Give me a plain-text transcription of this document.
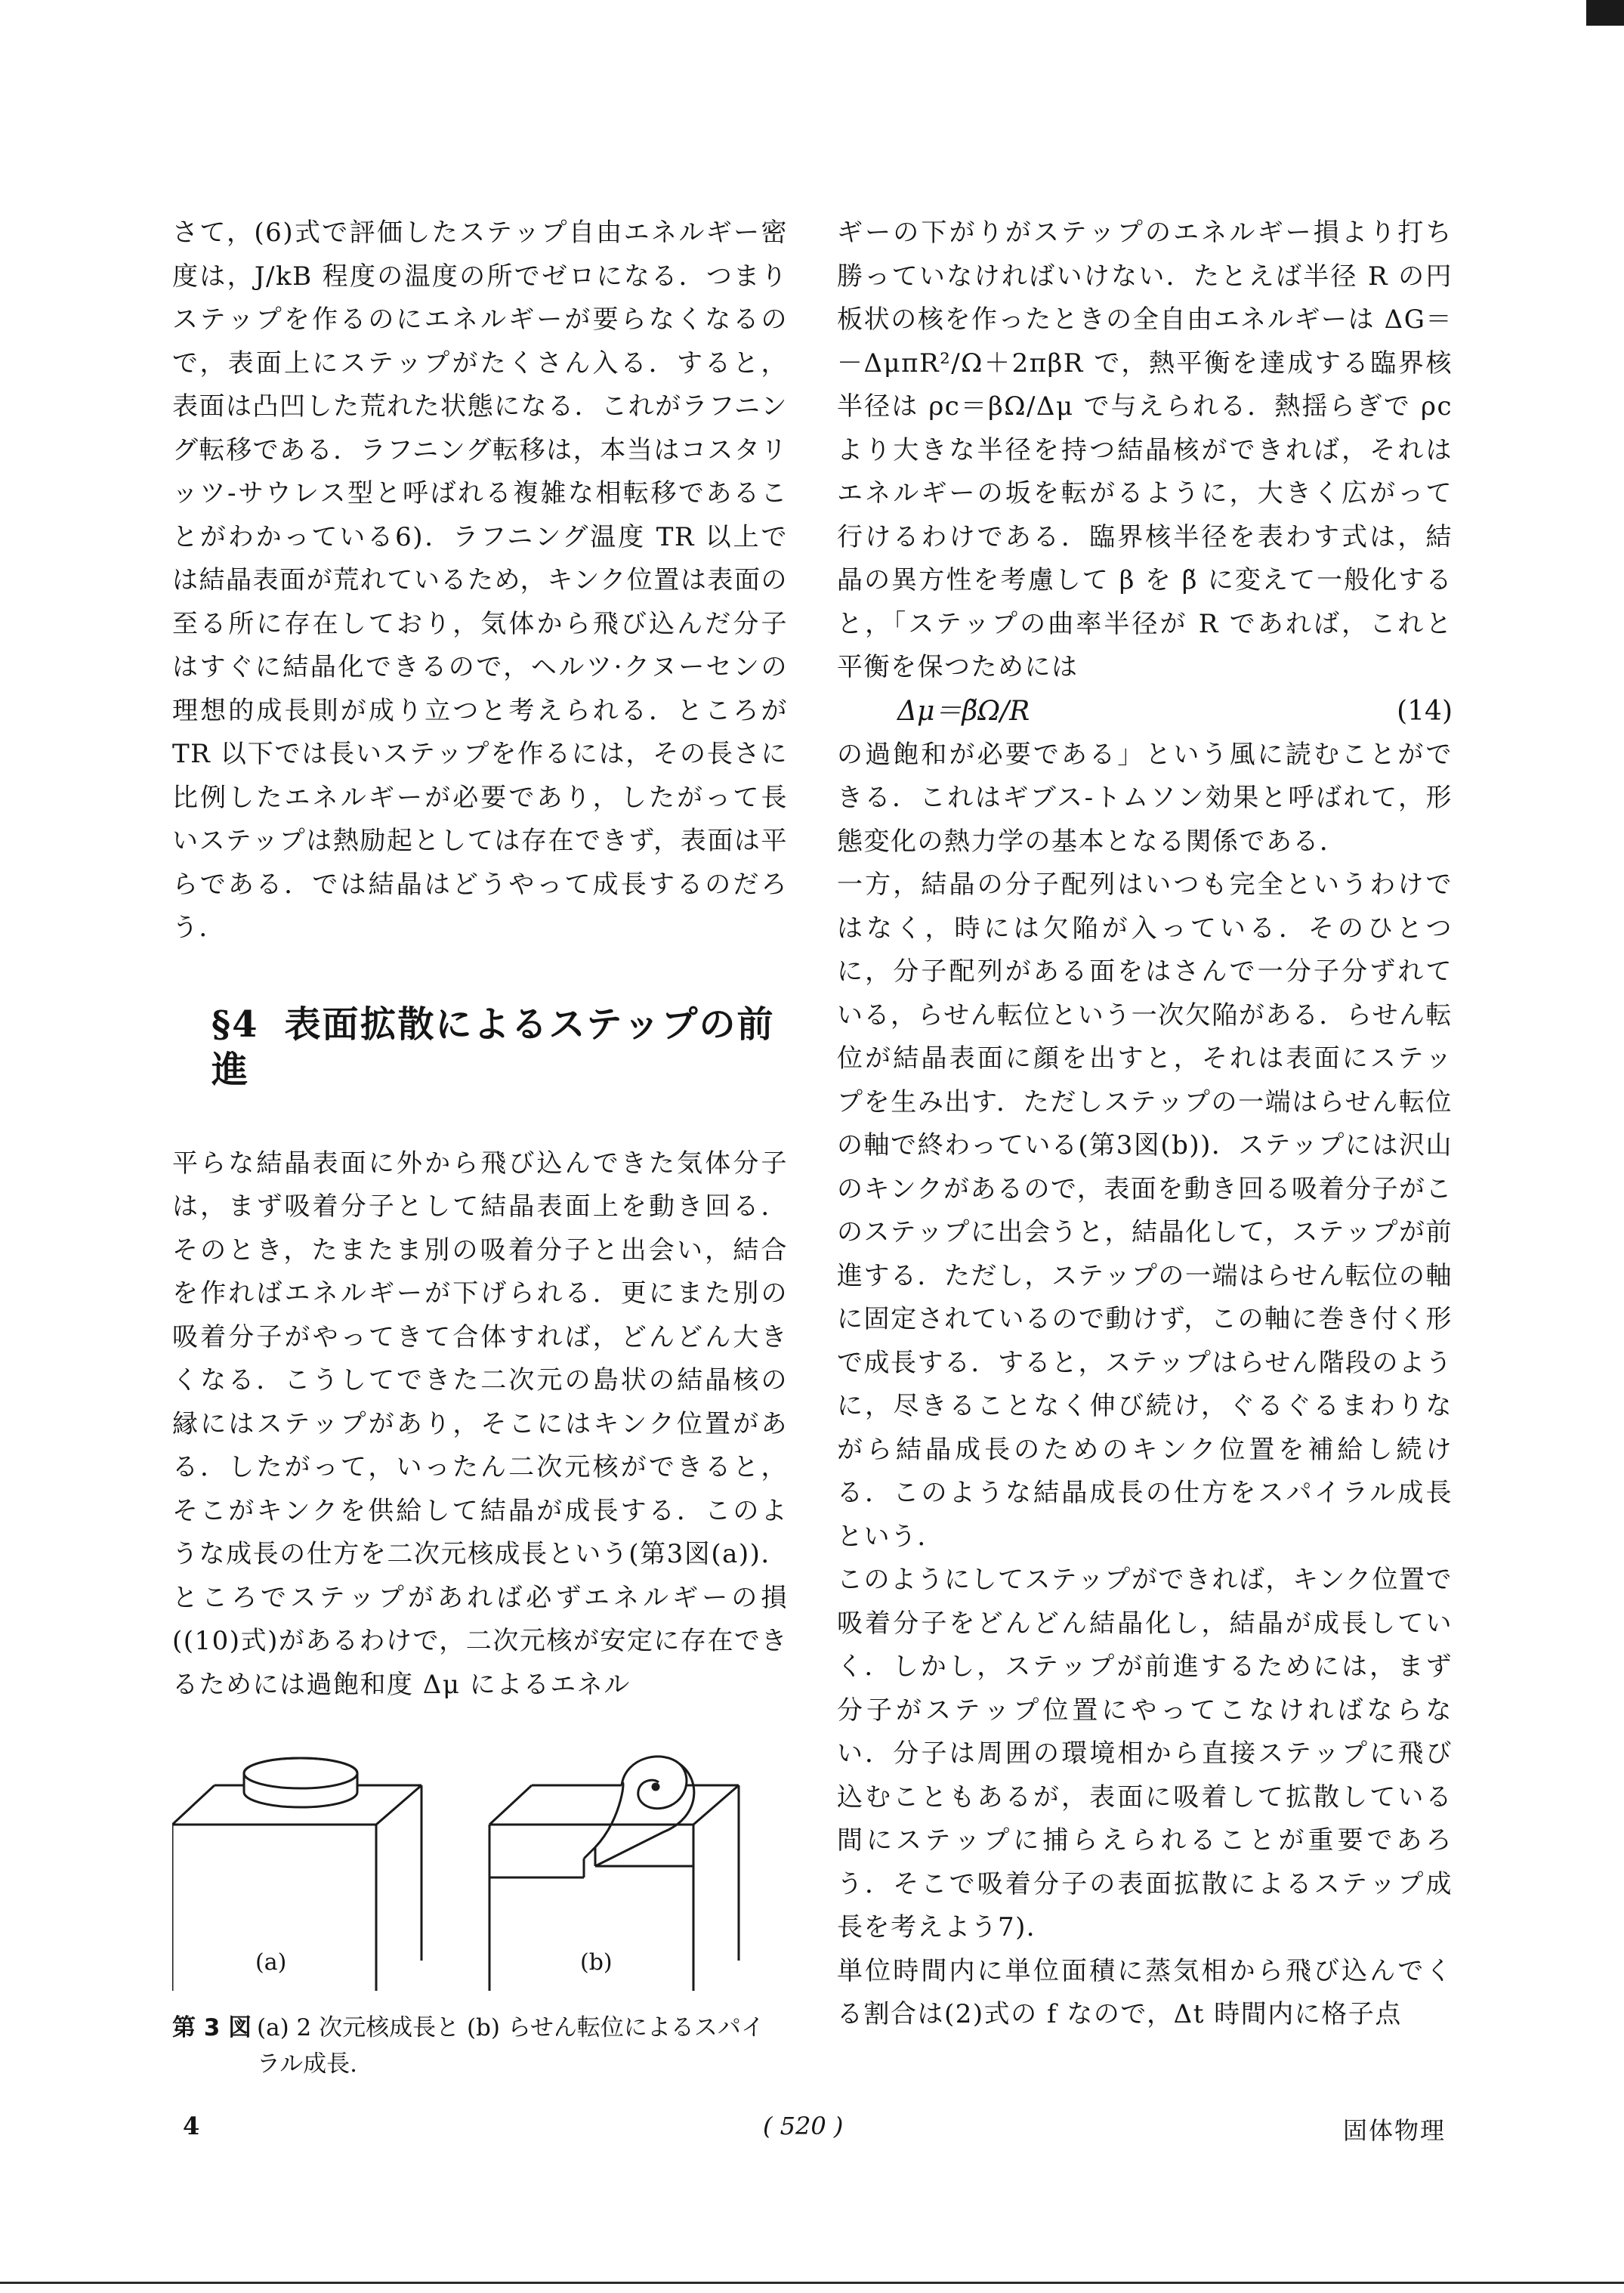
さて，(6)式で評価したステップ自由エネルギー密度は，J/kB 程度の温度の所でゼロになる．つまりステップを作るのにエネルギーが要らなくなるので，表面上にステップがたくさん入る．すると，表面は凸凹した荒れた状態になる．これがラフニング転移である．ラフニング転移は，本当はコスタリッツ-サウレス型と呼ばれる複雑な相転移であることがわかっている6)．ラフニング温度 TR 以上では結晶表面が荒れているため，キンク位置は表面の至る所に存在しており，気体から飛び込んだ分子はすぐに結晶化できるので，ヘルツ·クヌーセンの理想的成長則が成り立つと考えられる．ところが TR 以下では長いステップを作るには，その長さに比例したエネルギーが必要であり，したがって長いステップは熱励起としては存在できず，表面は平らである．では結晶はどうやって成長するのだろう．

§4 表面拡散によるステップの前進

平らな結晶表面に外から飛び込んできた気体分子は，まず吸着分子として結晶表面上を動き回る．そのとき，たまたま別の吸着分子と出会い，結合を作ればエネルギーが下げられる．更にまた別の吸着分子がやってきて合体すれば，どんどん大きくなる．こうしてできた二次元の島状の結晶核の縁にはステップがあり，そこにはキンク位置がある．したがって，いったん二次元核ができると，そこがキンクを供給して結晶が成長する．このような成長の仕方を二次元核成長という(第3図(a))．ところでステップがあれば必ずエネルギーの損((10)式)があるわけで，二次元核が安定に存在できるためには過飽和度 Δμ によるエネル

(a)	(b)
第 3 図 (a) 2 次元核成長と (b) らせん転位によるスパイラル成長.

ギーの下がりがステップのエネルギー損より打ち勝っていなければいけない．たとえば半径 R の円板状の核を作ったときの全自由エネルギーは ΔG＝－ΔμπR²/Ω＋2πβR で，熱平衡を達成する臨界核半径は ρc＝βΩ/Δμ で与えられる．熱揺らぎで ρc より大きな半径を持つ結晶核ができれば，それはエネルギーの坂を転がるように，大きく広がって行けるわけである．臨界核半径を表わす式は，結晶の異方性を考慮して β を β̃ に変えて一般化すると，「ステップの曲率半径が R であれば，これと平衡を保つためには

Δμ＝β̃Ω/R	(14)

の過飽和が必要である」という風に読むことができる．これはギブス-トムソン効果と呼ばれて，形態変化の熱力学の基本となる関係である．

一方，結晶の分子配列はいつも完全というわけではなく，時には欠陥が入っている．そのひとつに，分子配列がある面をはさんで一分子分ずれている，らせん転位という一次欠陥がある．らせん転位が結晶表面に顔を出すと，それは表面にステップを生み出す．ただしステップの一端はらせん転位の軸で終わっている(第3図(b))．ステップには沢山のキンクがあるので，表面を動き回る吸着分子がこのステップに出会うと，結晶化して，ステップが前進する．ただし，ステップの一端はらせん転位の軸に固定されているので動けず，この軸に巻き付く形で成長する．すると，ステップはらせん階段のように，尽きることなく伸び続け，ぐるぐるまわりながら結晶成長のためのキンク位置を補給し続ける．このような結晶成長の仕方をスパイラル成長という．

このようにしてステップができれば，キンク位置で吸着分子をどんどん結晶化し，結晶が成長していく．しかし，ステップが前進するためには，まず分子がステップ位置にやってこなければならない．分子は周囲の環境相から直接ステップに飛び込むこともあるが，表面に吸着して拡散している間にステップに捕らえられることが重要であろう．そこで吸着分子の表面拡散によるステップ成長を考えよう7)．

単位時間内に単位面積に蒸気相から飛び込んでくる割合は(2)式の f なので，Δt 時間内に格子点

4	( 520 )	固体物理
